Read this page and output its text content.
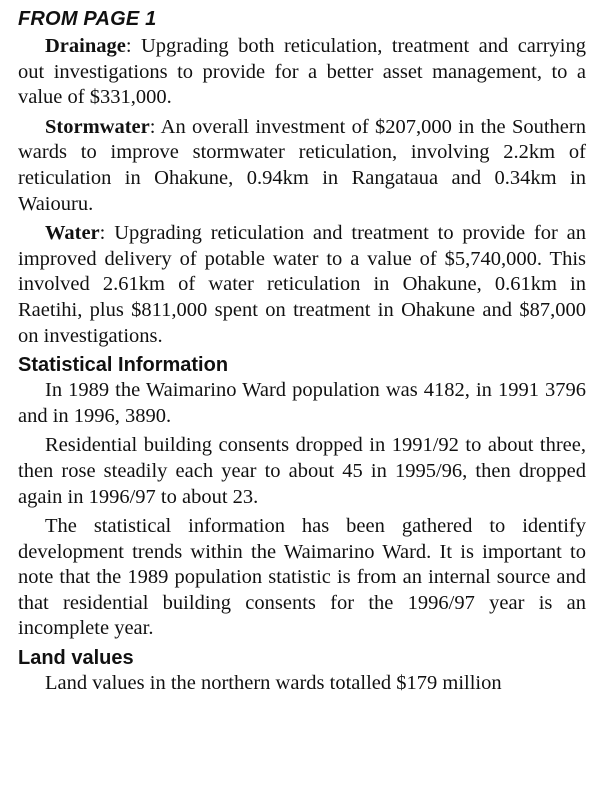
FROM PAGE 1

Drainage: Upgrading both reticulation, treatment and carrying out investigations to provide for a better asset management, to a value of $331,000.

Stormwater: An overall investment of $207,000 in the Southern wards to improve stormwater reticulation, involving 2.2km of reticulation in Ohakune, 0.94km in Rangataua and 0.34km in Waiouru.

Water: Upgrading reticulation and treatment to provide for an improved delivery of potable water to a value of $5,740,000. This involved 2.61km of water reticulation in Ohakune, 0.61km in Raetihi, plus $811,000 spent on treatment in Ohakune and $87,000 on investigations.

Statistical Information

In 1989 the Waimarino Ward population was 4182, in 1991 3796 and in 1996, 3890.

Residential building consents dropped in 1991/92 to about three, then rose steadily each year to about 45 in 1995/96, then dropped again in 1996/97 to about 23.

The statistical information has been gathered to identify development trends within the Waimarino Ward. It is important to note that the 1989 population statistic is from an internal source and that residential building consents for the 1996/97 year is an incomplete year.

Land values

Land values in the northern wards totalled $179 million
